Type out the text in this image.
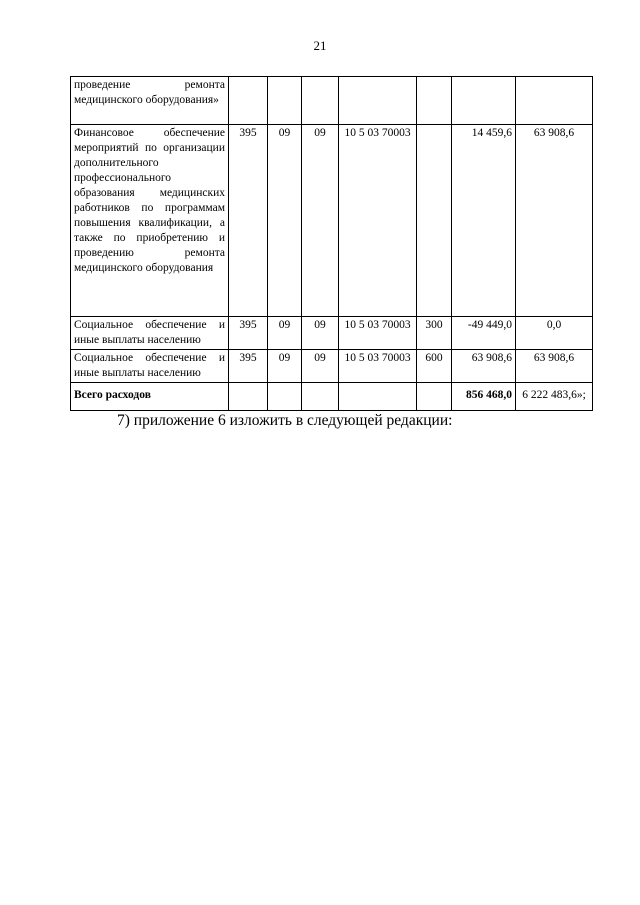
21
проведение ремонта медицинского оборудования»							
Финансовое обеспечение мероприятий по организации дополнительного профессионального образования медицинских работников по программам повышения квалификации, а также по приобретению и проведению ремонта медицинского оборудования	395	09	09	10 5 03 70003		14 459,6	63 908,6
Социальное обеспечение и иные выплаты населению	395	09	09	10 5 03 70003	300	-49 449,0	0,0
Социальное обеспечение и иные выплаты населению	395	09	09	10 5 03 70003	600	63 908,6	63 908,6
Всего расходов						856 468,0	6 222 483,6»;
7) приложение 6 изложить в следующей редакции:
